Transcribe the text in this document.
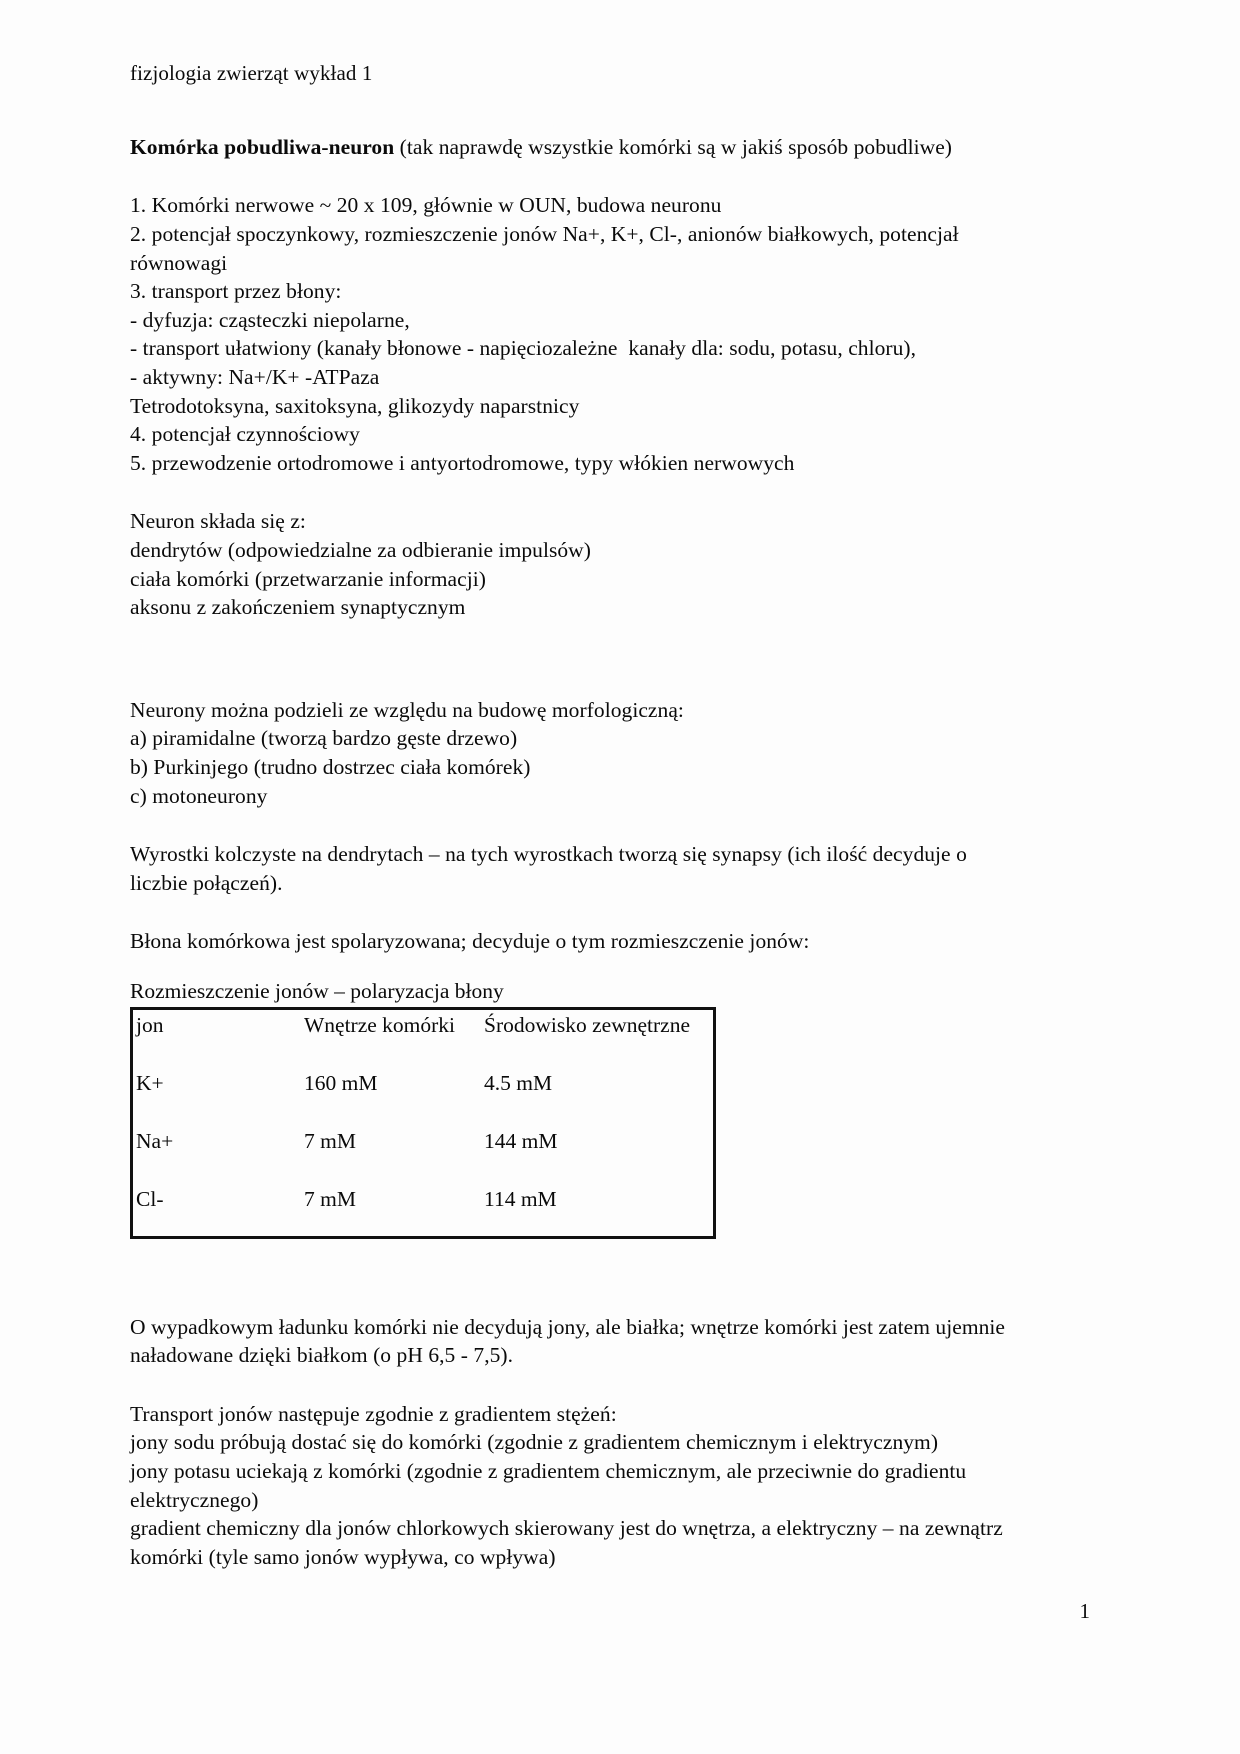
fizjologia zwierząt wykład 1

Komórka pobudliwa-neuron (tak naprawdę wszystkie komórki są w jakiś sposób pobudliwe)

1. Komórki nerwowe ~ 20 x 109, głównie w OUN, budowa neuronu
2. potencjał spoczynkowy, rozmieszczenie jonów Na+, K+, Cl-, anionów białkowych, potencjał równowagi
3. transport przez błony:
- dyfuzja: cząsteczki niepolarne,
- transport ułatwiony (kanały błonowe - napięciozależne  kanały dla: sodu, potasu, chloru),
- aktywny: Na+/K+ -ATPaza
Tetrodotoksyna, saxitoksyna, glikozydy naparstnicy
4. potencjał czynnościowy
5. przewodzenie ortodromowe i antyortodromowe, typy włókien nerwowych
Neuron składa się z:
dendrytów (odpowiedzialne za odbieranie impulsów)
ciała komórki (przetwarzanie informacji)
aksonu z zakończeniem synaptycznym
Neurony można podzieli ze względu na budowę morfologiczną:
a) piramidalne (tworzą bardzo gęste drzewo)
b) Purkinjego (trudno dostrzec ciała komórek)
c) motoneurony

Wyrostki kolczyste na dendrytach – na tych wyrostkach tworzą się synapsy (ich ilość decyduje o liczbie połączeń).

Błona komórkowa jest spolaryzowana; decyduje o tym rozmieszczenie jonów:

Rozmieszczenie jonów – polaryzacja błony
jon	Wnętrze komórki	Środowisko zewnętrzne
K+	160 mM	4.5 mM
Na+	7 mM	144 mM
Cl-	7 mM	114 mM

O wypadkowym ładunku komórki nie decydują jony, ale białka; wnętrze komórki jest zatem ujemnie naładowane dzięki białkom (o pH 6,5 - 7,5).

Transport jonów następuje zgodnie z gradientem stężeń:
jony sodu próbują dostać się do komórki (zgodnie z gradientem chemicznym i elektrycznym)
jony potasu uciekają z komórki (zgodnie z gradientem chemicznym, ale przeciwnie do gradientu elektrycznego)
gradient chemiczny dla jonów chlorkowych skierowany jest do wnętrza, a elektryczny – na zewnątrz komórki (tyle samo jonów wypływa, co wpływa)
1
